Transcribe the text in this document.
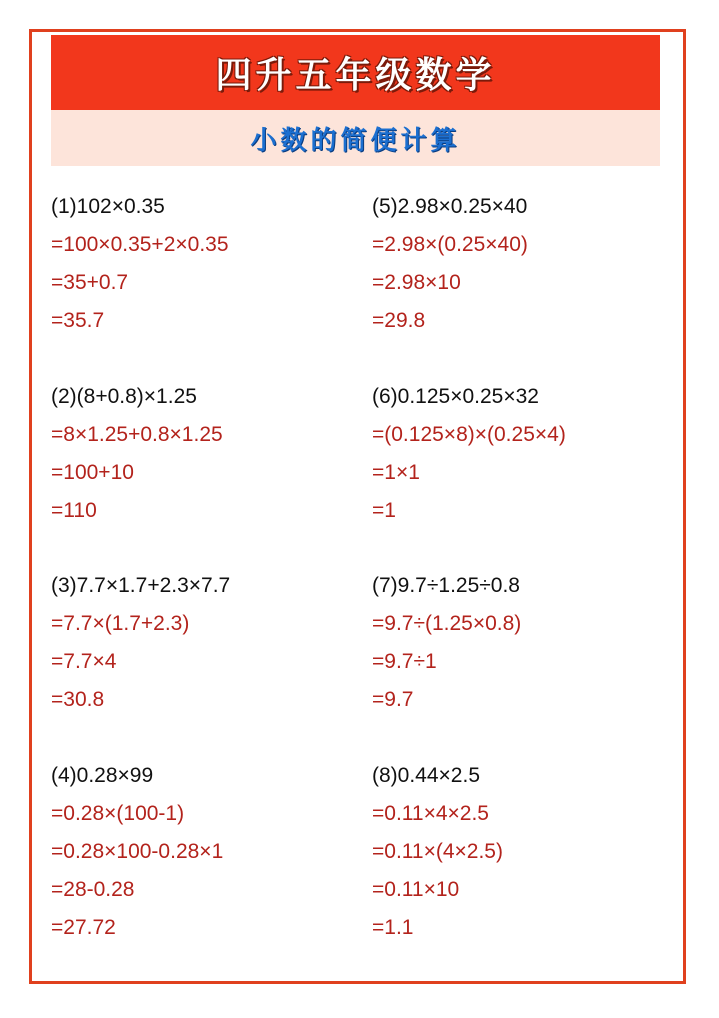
四升五年级数学
小数的简便计算
(1)102×0.35
=100×0.35+2×0.35
=35+0.7
=35.7
(2)(8+0.8)×1.25
=8×1.25+0.8×1.25
=100+10
=110
(3)7.7×1.7+2.3×7.7
=7.7×(1.7+2.3)
=7.7×4
=30.8
(4)0.28×99
=0.28×(100-1)
=0.28×100-0.28×1
=28-0.28
=27.72
(5)2.98×0.25×40
=2.98×(0.25×40)
=2.98×10
=29.8
(6)0.125×0.25×32
=(0.125×8)×(0.25×4)
=1×1
=1
(7)9.7÷1.25÷0.8
=9.7÷(1.25×0.8)
=9.7÷1
=9.7
(8)0.44×2.5
=0.11×4×2.5
=0.11×(4×2.5)
=0.11×10
=1.1
